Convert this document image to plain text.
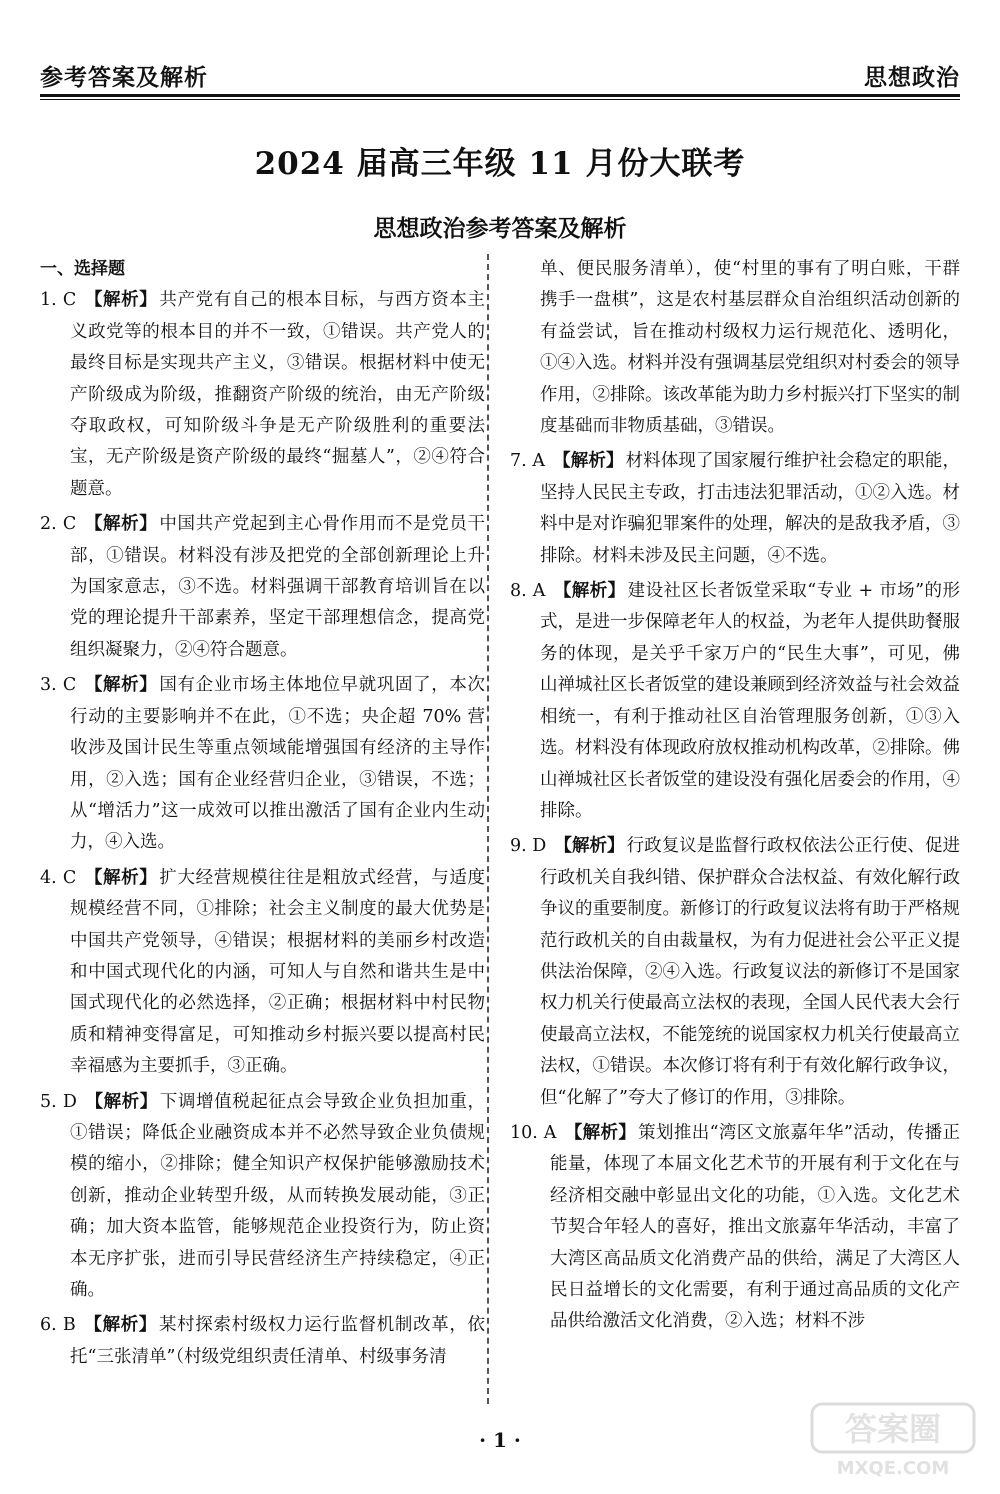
参考答案及解析	思想政治
2024 届高三年级 11 月份大联考
思想政治参考答案及解析

一、选择题

1. C 【解析】 共产党有自己的根本目标，与西方资本主义政党等的根本目的并不一致，①错误。共产党人的最终目标是实现共产主义，③错误。根据材料中使无产阶级成为阶级，推翻资产阶级的统治，由无产阶级夺取政权，可知阶级斗争是无产阶级胜利的重要法宝，无产阶级是资产阶级的最终“掘墓人”，②④符合题意。

2. C 【解析】 中国共产党起到主心骨作用而不是党员干部，①错误。材料没有涉及把党的全部创新理论上升为国家意志，③不选。材料强调干部教育培训旨在以党的理论提升干部素养，坚定干部理想信念，提高党组织凝聚力，②④符合题意。

3. C 【解析】 国有企业市场主体地位早就巩固了，本次行动的主要影响并不在此，①不选；央企超 70% 营收涉及国计民生等重点领域能增强国有经济的主导作用，②入选；国有企业经营归企业，③错误，不选；从“增活力”这一成效可以推出激活了国有企业内生动力，④入选。

4. C 【解析】 扩大经营规模往往是粗放式经营，与适度规模经营不同，①排除；社会主义制度的最大优势是中国共产党领导，④错误；根据材料的美丽乡村改造和中国式现代化的内涵，可知人与自然和谐共生是中国式现代化的必然选择，②正确；根据材料中村民物质和精神变得富足，可知推动乡村振兴要以提高村民幸福感为主要抓手，③正确。

5. D 【解析】 下调增值税起征点会导致企业负担加重，①错误；降低企业融资成本并不必然导致企业负债规模的缩小，②排除；健全知识产权保护能够激励技术创新，推动企业转型升级，从而转换发展动能，③正确；加大资本监管，能够规范企业投资行为，防止资本无序扩张，进而引导民营经济生产持续稳定，④正确。

6. B 【解析】 某村探索村级权力运行监督机制改革，依托“三张清单”（村级党组织责任清单、村级事务清

单、便民服务清单），使“村里的事有了明白账，干群携手一盘棋”，这是农村基层群众自治组织活动创新的有益尝试，旨在推动村级权力运行规范化、透明化，①④入选。材料并没有强调基层党组织对村委会的领导作用，②排除。该改革能为助力乡村振兴打下坚实的制度基础而非物质基础，③错误。

7. A 【解析】 材料体现了国家履行维护社会稳定的职能，坚持人民民主专政，打击违法犯罪活动，①②入选。材料中是对诈骗犯罪案件的处理，解决的是敌我矛盾，③排除。材料未涉及民主问题，④不选。

8. A 【解析】 建设社区长者饭堂采取“专业 + 市场”的形式，是进一步保障老年人的权益，为老年人提供助餐服务的体现，是关乎千家万户的“民生大事”，可见，佛山禅城社区长者饭堂的建设兼顾到经济效益与社会效益相统一，有利于推动社区自治管理服务创新，①③入选。材料没有体现政府放权推动机构改革，②排除。佛山禅城社区长者饭堂的建设没有强化居委会的作用，④排除。

9. D 【解析】 行政复议是监督行政权依法公正行使、促进行政机关自我纠错、保护群众合法权益、有效化解行政争议的重要制度。新修订的行政复议法将有助于严格规范行政机关的自由裁量权，为有力促进社会公平正义提供法治保障，②④入选。行政复议法的新修订不是国家权力机关行使最高立法权的表现，全国人民代表大会行使最高立法权，不能笼统的说国家权力机关行使最高立法权，①错误。本次修订将有利于有效化解行政争议，但“化解了”夸大了修订的作用，③排除。

10. A 【解析】 策划推出“湾区文旅嘉年华”活动，传播正能量，体现了本届文化艺术节的开展有利于文化在与经济相交融中彰显出文化的功能，①入选。文化艺术节契合年轻人的喜好，推出文旅嘉年华活动，丰富了大湾区高品质文化消费产品的供给，满足了大湾区人民日益增长的文化需要，有利于通过高品质的文化产品供给激活文化消费，②入选；材料不涉

· 1 ·	答案圈
MXQE.COM
